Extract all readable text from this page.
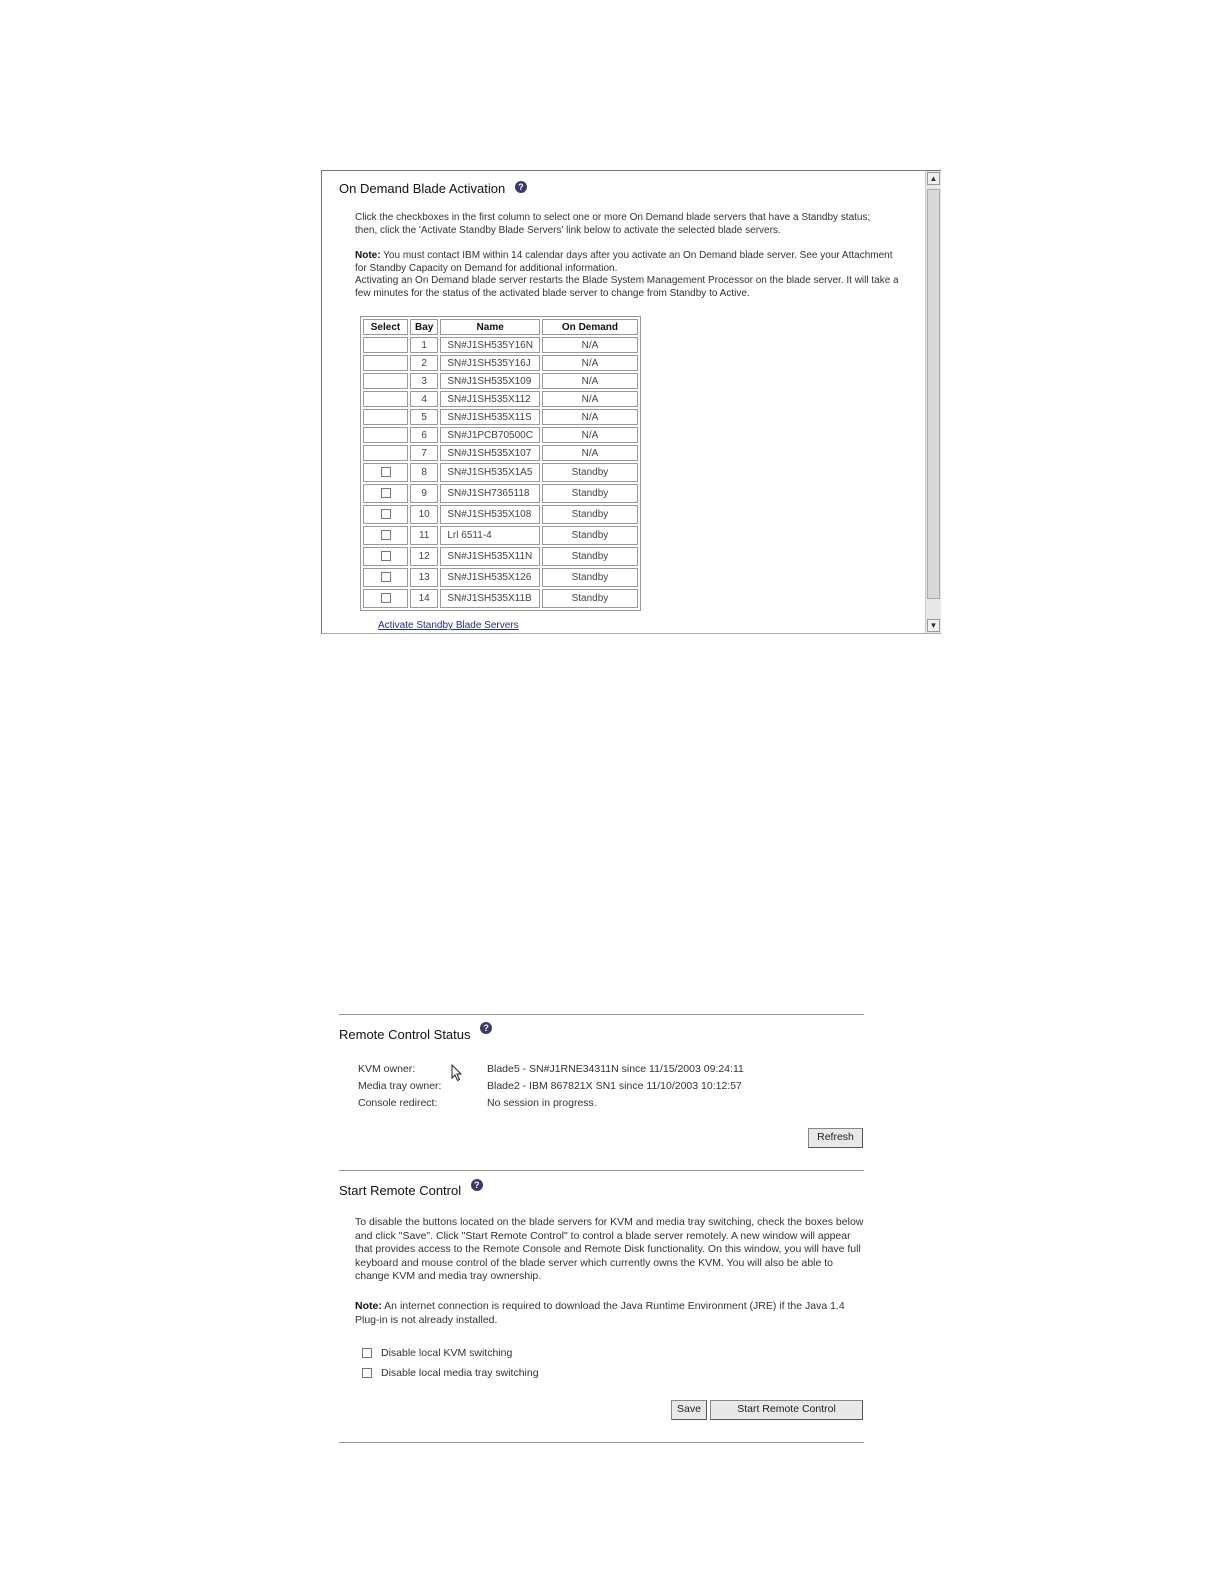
On Demand Blade Activation ?
Click the checkboxes in the first column to select one or more On Demand blade servers that have a Standby status; then, click the 'Activate Standby Blade Servers' link below to activate the selected blade servers.
Note: You must contact IBM within 14 calendar days after you activate an On Demand blade server. See your Attachment for Standby Capacity on Demand for additional information.
Activating an On Demand blade server restarts the Blade System Management Processor on the blade server. It will take a few minutes for the status of the activated blade server to change from Standby to Active.
Select	Bay	Name	On Demand
	1	SN#J1SH535Y16N	N/A
	2	SN#J1SH535Y16J	N/A
	3	SN#J1SH535X109	N/A
	4	SN#J1SH535X112	N/A
	5	SN#J1SH535X11S	N/A
	6	SN#J1PCB70500C	N/A
	7	SN#J1SH535X107	N/A
	8	SN#J1SH535X1A5	Standby
	9	SN#J1SH7365118	Standby
	10	SN#J1SH535X108	Standby
	11	Lrl 6511-4	Standby
	12	SN#J1SH535X11N	Standby
	13	SN#J1SH535X126	Standby
	14	SN#J1SH535X11B	Standby
Activate Standby Blade Servers
▲
▼
Remote Control Status ?
KVM owner:	Blade5 - SN#J1RNE34311N since 11/15/2003 09:24:11
Media tray owner:	Blade2 - IBM 867821X SN1 since 11/10/2003 10:12:57
Console redirect:	No session in progress.
Refresh
Start Remote Control ?
To disable the buttons located on the blade servers for KVM and media tray switching, check the boxes below and click "Save". Click "Start Remote Control" to control a blade server remotely. A new window will appear that provides access to the Remote Console and Remote Disk functionality. On this window, you will have full keyboard and mouse control of the blade server which currently owns the KVM. You will also be able to change KVM and media tray ownership.
Note: An internet connection is required to download the Java Runtime Environment (JRE) if the Java 1.4 Plug-in is not already installed.
Disable local KVM switching
Disable local media tray switching
Save	Start Remote Control
